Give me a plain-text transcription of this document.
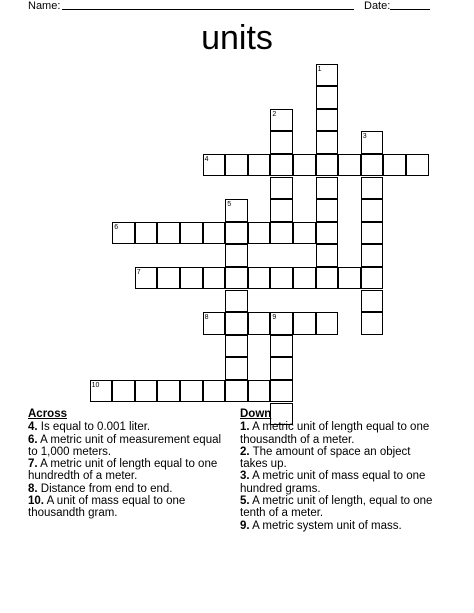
Name:	Date:
units
1
2
3
4
5
6
7
8	9
10
Across

4. Is equal to 0.001 liter.

6. A metric unit of measurement equal to 1,000 meters.

7. A metric unit of length equal to one hundredth of a meter.

8. Distance from end to end.

10. A unit of mass equal to one thousandth gram.

Down

1. A metric unit of length equal to one thousandth of a meter.

2. The amount of space an object takes up.

3. A metric unit of mass equal to one hundred grams.

5. A metric unit of length, equal to one tenth of a meter.

9. A metric system unit of mass.
